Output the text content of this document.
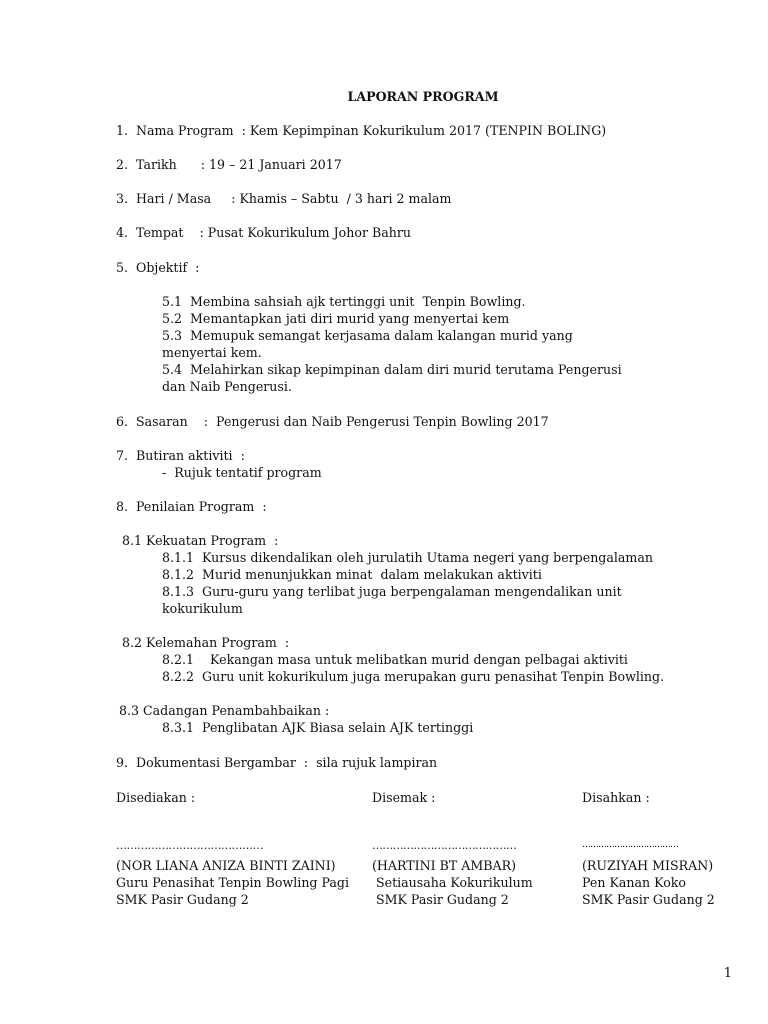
LAPORAN PROGRAM
1.  Nama Program  : Kem Kepimpinan Kokurikulum 2017 (TENPIN BOLING)
2.  Tarikh      : 19 – 21 Januari 2017
3.  Hari / Masa     : Khamis – Sabtu  / 3 hari 2 malam
4.  Tempat    : Pusat Kokurikulum Johor Bahru
5.  Objektif  :
5.1  Membina sahsiah ajk tertinggi unit  Tenpin Bowling.
5.2  Memantapkan jati diri murid yang menyertai kem
5.3  Memupuk semangat kerjasama dalam kalangan murid yang
menyertai kem.
5.4  Melahirkan sikap kepimpinan dalam diri murid terutama Pengerusi
dan Naib Pengerusi.
6.  Sasaran    :  Pengerusi dan Naib Pengerusi Tenpin Bowling 2017
7.  Butiran aktiviti  :
-  Rujuk tentatif program
8.  Penilaian Program  :
8.1 Kekuatan Program  :
8.1.1  Kursus dikendalikan oleh jurulatih Utama negeri yang berpengalaman
8.1.2  Murid menunjukkan minat  dalam melakukan aktiviti
8.1.3  Guru-guru yang terlibat juga berpengalaman mengendalikan unit
kokurikulum
8.2 Kelemahan Program  :
8.2.1    Kekangan masa untuk melibatkan murid dengan pelbagai aktiviti
8.2.2  Guru unit kokurikulum juga merupakan guru penasihat Tenpin Bowling.
8.3 Cadangan Penambahbaikan :
8.3.1  Penglibatan AJK Biasa selain AJK tertinggi
9.  Dokumentasi Bergambar  :  sila rujuk lampiran
Disediakan :
……………………………………
(NOR LIANA ANIZA BINTI ZAINI)
Guru Penasihat Tenpin Bowling Pagi
SMK Pasir Gudang 2
Disemak :
……………………………………
(HARTINI BT AMBAR)
Setiausaha Kokurikulum
SMK Pasir Gudang 2
Disahkan :
………………………………
(RUZIYAH MISRAN)
Pen Kanan Koko
SMK Pasir Gudang 2
1
